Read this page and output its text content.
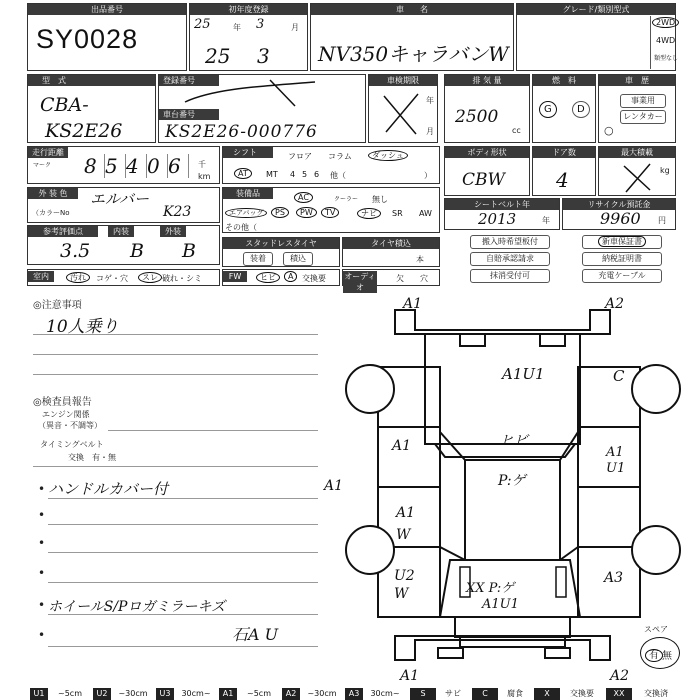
出品番号
SY0028
初年度登録
25	年 3	月
25 3
車　　名
NV350キャラバンW
グレード/類別型式
2WD
4WD
類型なし
型　式
CBA-
KS2E26
登録番号
車台番号
KS2E26-000776
車検期限
年
月
排 気 量
2500
cc
燃　料
G	D
車　歴
事業用
レンタカー
○
走行距離
マーク 8 5 4 0 6	千
km
シフト	フロア コラム	ダッシュ
AT	MT 4 5 6 他（	）
ボディ形状
CBW
ドア数
4
最大積載
kg
外 装 色	エルバー
（カラーNo	K23
装備品	AC	クーラー 無し
エアバッグ	PS	PW	TV	ナビ	SR AW
その他（
シートベルト年
2013	年
リサイクル預託金
9960 円
参考評価点
3.5
内装
B
外装
B	スタッドレスタイヤ
装着	積込
タイヤ積込
本
搬入時希望板付
自賠承認請求
抹消受付可
新車保証書
納税証明書
充電ケーブル
室内	汚れ	コゲ・穴	スレ 破れ・シミ	FW	ヒビ	A	交換要 オーディオ
欠 穴
◎注意事項
10人乗り
◎検査員報告
エンジン関係
（異音・不調等）
タイミングベルト
交換　有・無
• ハンドルカバー付
•
•
•
• ホイールS/Pロガミラーキズ
•	石A U
A1	A2
A1U1	C
A1	ヒビ
A1 U1
A1	P:ゲ
A1 W
U2 W
A3
XX P:ゲ
A1U1
A1	A2
スペア
有 無
U1	~5cm	U2	~30cm	U3	30cm~	A1	~5cm	A2	~30cm	A3	30cm~	S	サビ	C	腐食	X	交換要	XX	交換済
